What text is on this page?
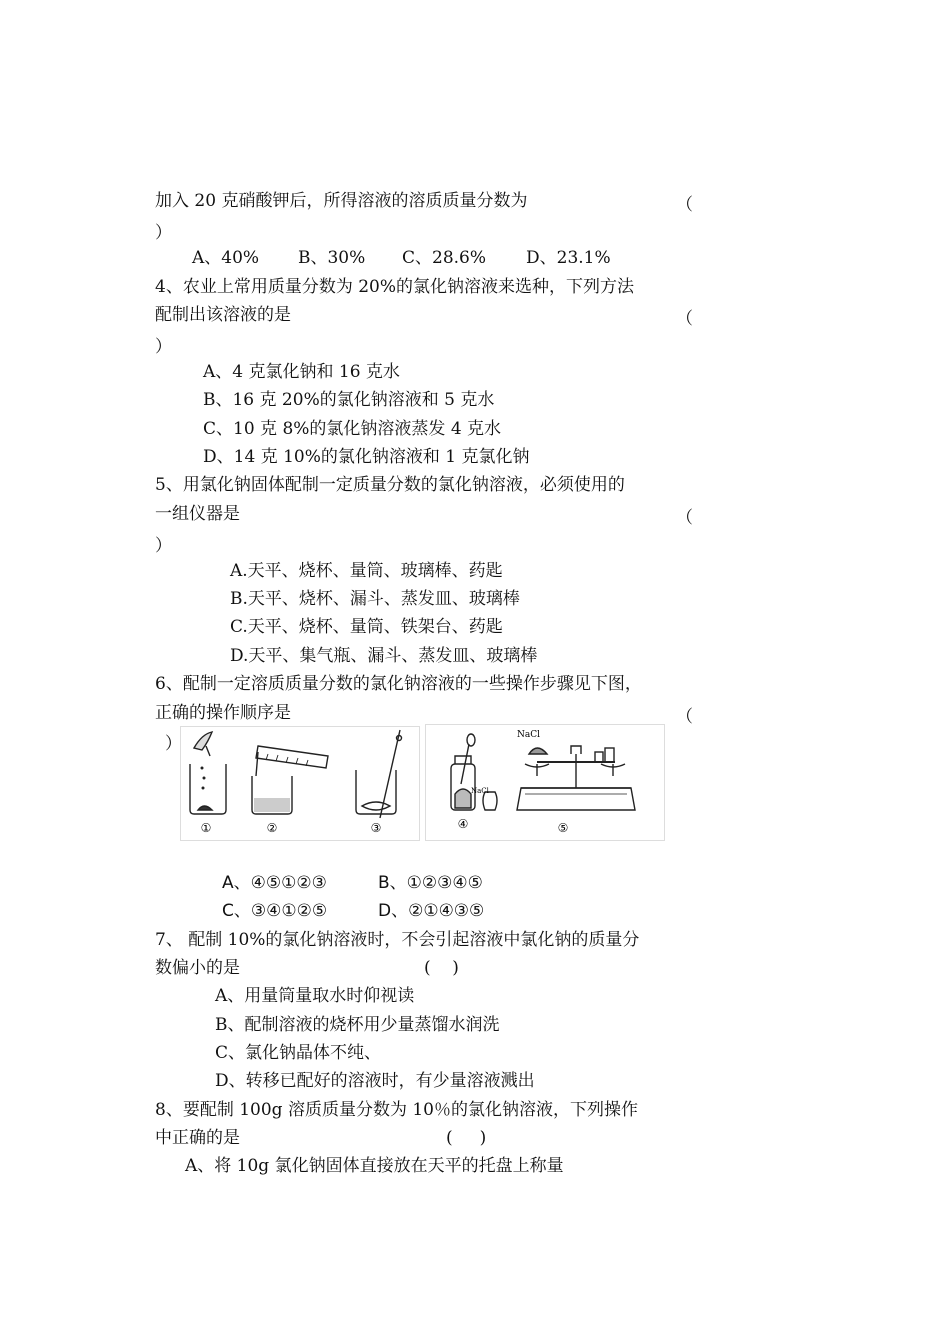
加入 20 克硝酸钾后，所得溶液的溶质质量分数为	（
）
A、40% B、30% C、28.6% D、23.1%
4、农业上常用质量分数为 20%的氯化钠溶液来选种，下列方法
配制出该溶液的是	（
）
A、4 克氯化钠和 16 克水
B、16 克 20%的氯化钠溶液和 5 克水
C、10 克 8%的氯化钠溶液蒸发 4 克水
D、14 克 10%的氯化钠溶液和 1 克氯化钠
5、用氯化钠固体配制一定质量分数的氯化钠溶液，必须使用的
一组仪器是	（
）
A.天平、烧杯、量筒、玻璃棒、药匙
B.天平、烧杯、漏斗、蒸发皿、玻璃棒
C.天平、烧杯、量筒、铁架台、药匙
D.天平、集气瓶、漏斗、蒸发皿、玻璃棒
6、配制一定溶质质量分数的氯化钠溶液的一些操作步骤见下图，
正确的操作顺序是	（
）
①	②	③
NaCl
④
NaCl
⑤
A、④⑤①②③	B、①②③④⑤
C、③④①②⑤	D、②①④③⑤
7、 配制 10%的氯化钠溶液时，不会引起溶液中氯化钠的质量分
数偏小的是	(    )
A、用量筒量取水时仰视读
B、配制溶液的烧杯用少量蒸馏水润洗
C、氯化钠晶体不纯、
D、转移已配好的溶液时，有少量溶液溅出
8、要配制 100g 溶质质量分数为 10％的氯化钠溶液，下列操作
中正确的是	(     )
A、将 10g 氯化钠固体直接放在天平的托盘上称量
